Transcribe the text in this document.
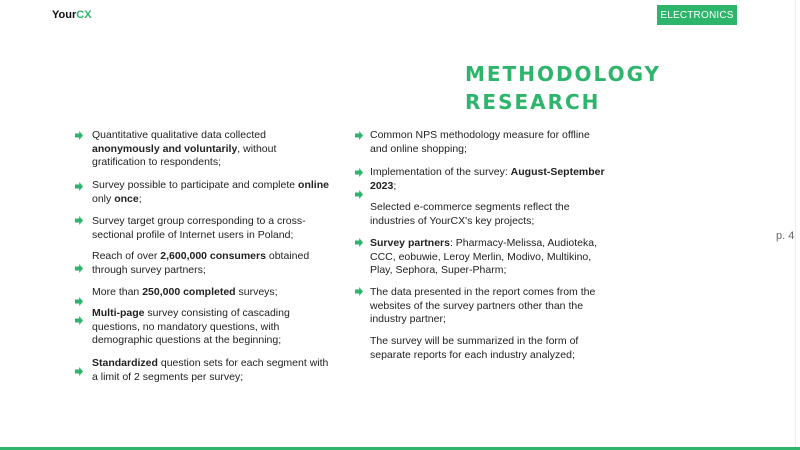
YourCX	ELECTRONICS
METHODOLOGY
RESEARCH
Quantitative qualitative data collected anonymously and voluntarily, without gratification to respondents;
Survey possible to participate and complete online only once;
Survey target group corresponding to a cross-sectional profile of Internet users in Poland;
Reach of over 2,600,000 consumers obtained through survey partners;
More than 250,000 completed surveys;
Multi-page survey consisting of cascading questions, no mandatory questions, with demographic questions at the beginning;
Standardized question sets for each segment with a limit of 2 segments per survey;
Common NPS methodology measure for offline and online shopping;
Implementation of the survey: August-September 2023;
Selected e-commerce segments reflect the industries of YourCX's key projects;
Survey partners: Pharmacy-Melissa, Audioteka, CCC, eobuwie, Leroy Merlin, Modivo, Multikino, Play, Sephora, Super-Pharm;
The data presented in the report comes from the websites of the survey partners other than the industry partner;
The survey will be summarized in the form of separate reports for each industry analyzed;
p. 4
